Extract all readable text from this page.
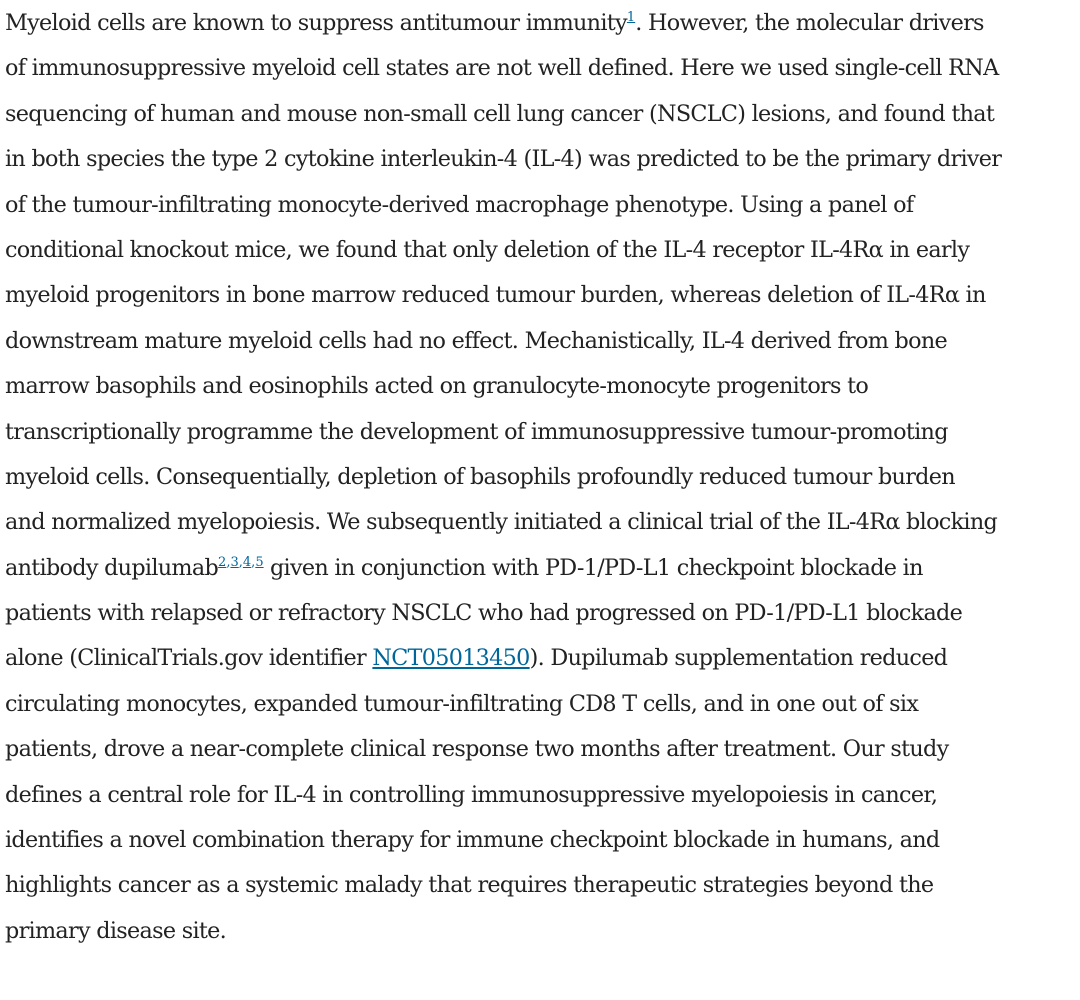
Myeloid cells are known to suppress antitumour immunity$^1$. However, the molecular drivers
of immunosuppressive myeloid cell states are not well defined. Here we used single-cell RNA
sequencing of human and mouse non-small cell lung cancer (NSCLC) lesions, and found that
in both species the type 2 cytokine interleukin-4 (IL-4) was predicted to be the primary driver
of the tumour-infiltrating monocyte-derived macrophage phenotype. Using a panel of
conditional knockout mice, we found that only deletion of the IL-4 receptor IL-4Rα in early
myeloid progenitors in bone marrow reduced tumour burden, whereas deletion of IL-4Rα in
downstream mature myeloid cells had no effect. Mechanistically, IL-4 derived from bone
marrow basophils and eosinophils acted on granulocyte-monocyte progenitors to
transcriptionally programme the development of immunosuppressive tumour-promoting
myeloid cells. Consequentially, depletion of basophils profoundly reduced tumour burden
and normalized myelopoiesis. We subsequently initiated a clinical trial of the IL-4Rα blocking
antibody dupilumab$^{2,3,4,5}$ given in conjunction with PD-1/PD-L1 checkpoint blockade in
patients with relapsed or refractory NSCLC who had progressed on PD-1/PD-L1 blockade
alone (ClinicalTrials.gov identifier NCT05013450). Dupilumab supplementation reduced
circulating monocytes, expanded tumour-infiltrating CD8 T cells, and in one out of six
patients, drove a near-complete clinical response two months after treatment. Our study
defines a central role for IL-4 in controlling immunosuppressive myelopoiesis in cancer,
identifies a novel combination therapy for immune checkpoint blockade in humans, and
highlights cancer as a systemic malady that requires therapeutic strategies beyond the
primary disease site.
